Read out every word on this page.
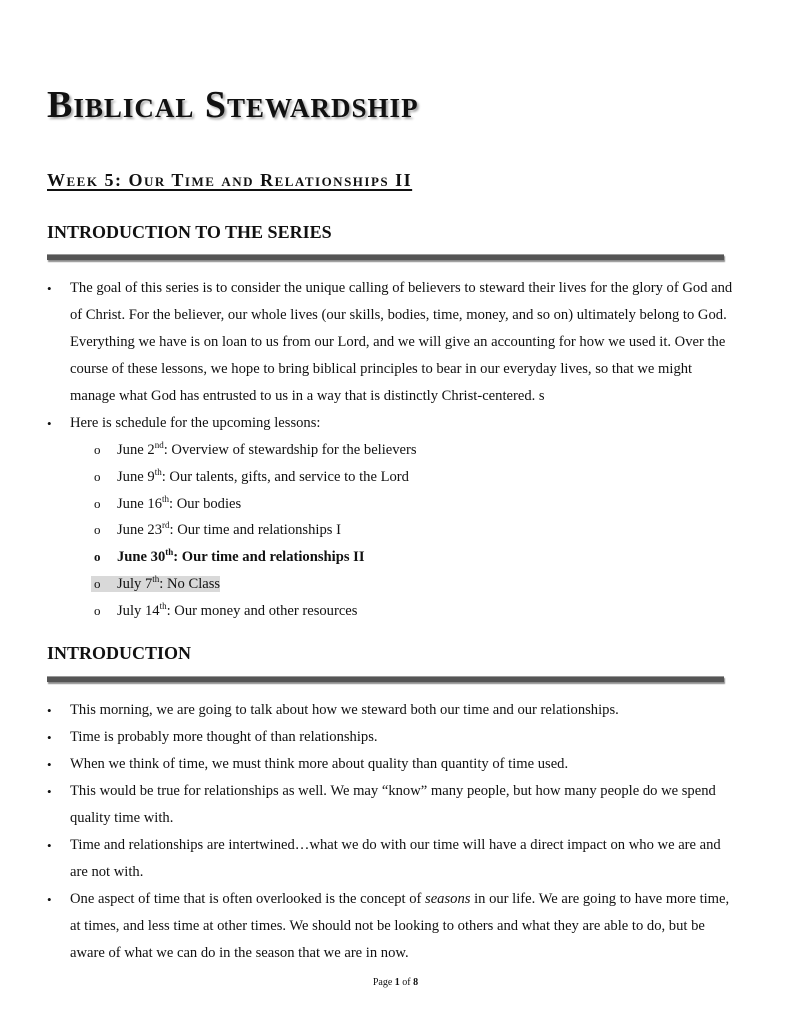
Biblical Stewardship
Week 5: Our Time and Relationships II
INTRODUCTION TO THE SERIES
• The goal of this series is to consider the unique calling of believers to steward their lives for the glory of God and of Christ. For the believer, our whole lives (our skills, bodies, time, money, and so on) ultimately belong to God. Everything we have is on loan to us from our Lord, and we will give an accounting for how we used it. Over the course of these lessons, we hope to bring biblical principles to bear in our everyday lives, so that we might manage what God has entrusted to us in a way that is distinctly Christ-centered. s
• Here is schedule for the upcoming lessons:
o June 2nd: Overview of stewardship for the believers
o June 9th: Our talents, gifts, and service to the Lord
o June 16th: Our bodies
o June 23rd: Our time and relationships I
o June 30th: Our time and relationships II
o July 7th: No Class
o July 14th: Our money and other resources
INTRODUCTION
• This morning, we are going to talk about how we steward both our time and our relationships.
• Time is probably more thought of than relationships.
• When we think of time, we must think more about quality than quantity of time used.
• This would be true for relationships as well. We may “know” many people, but how many people do we spend quality time with.
• Time and relationships are intertwined…what we do with our time will have a direct impact on who we are and are not with.
• One aspect of time that is often overlooked is the concept of seasons in our life. We are going to have more time, at times, and less time at other times. We should not be looking to others and what they are able to do, but be aware of what we can do in the season that we are in now.
Page 1 of 8
